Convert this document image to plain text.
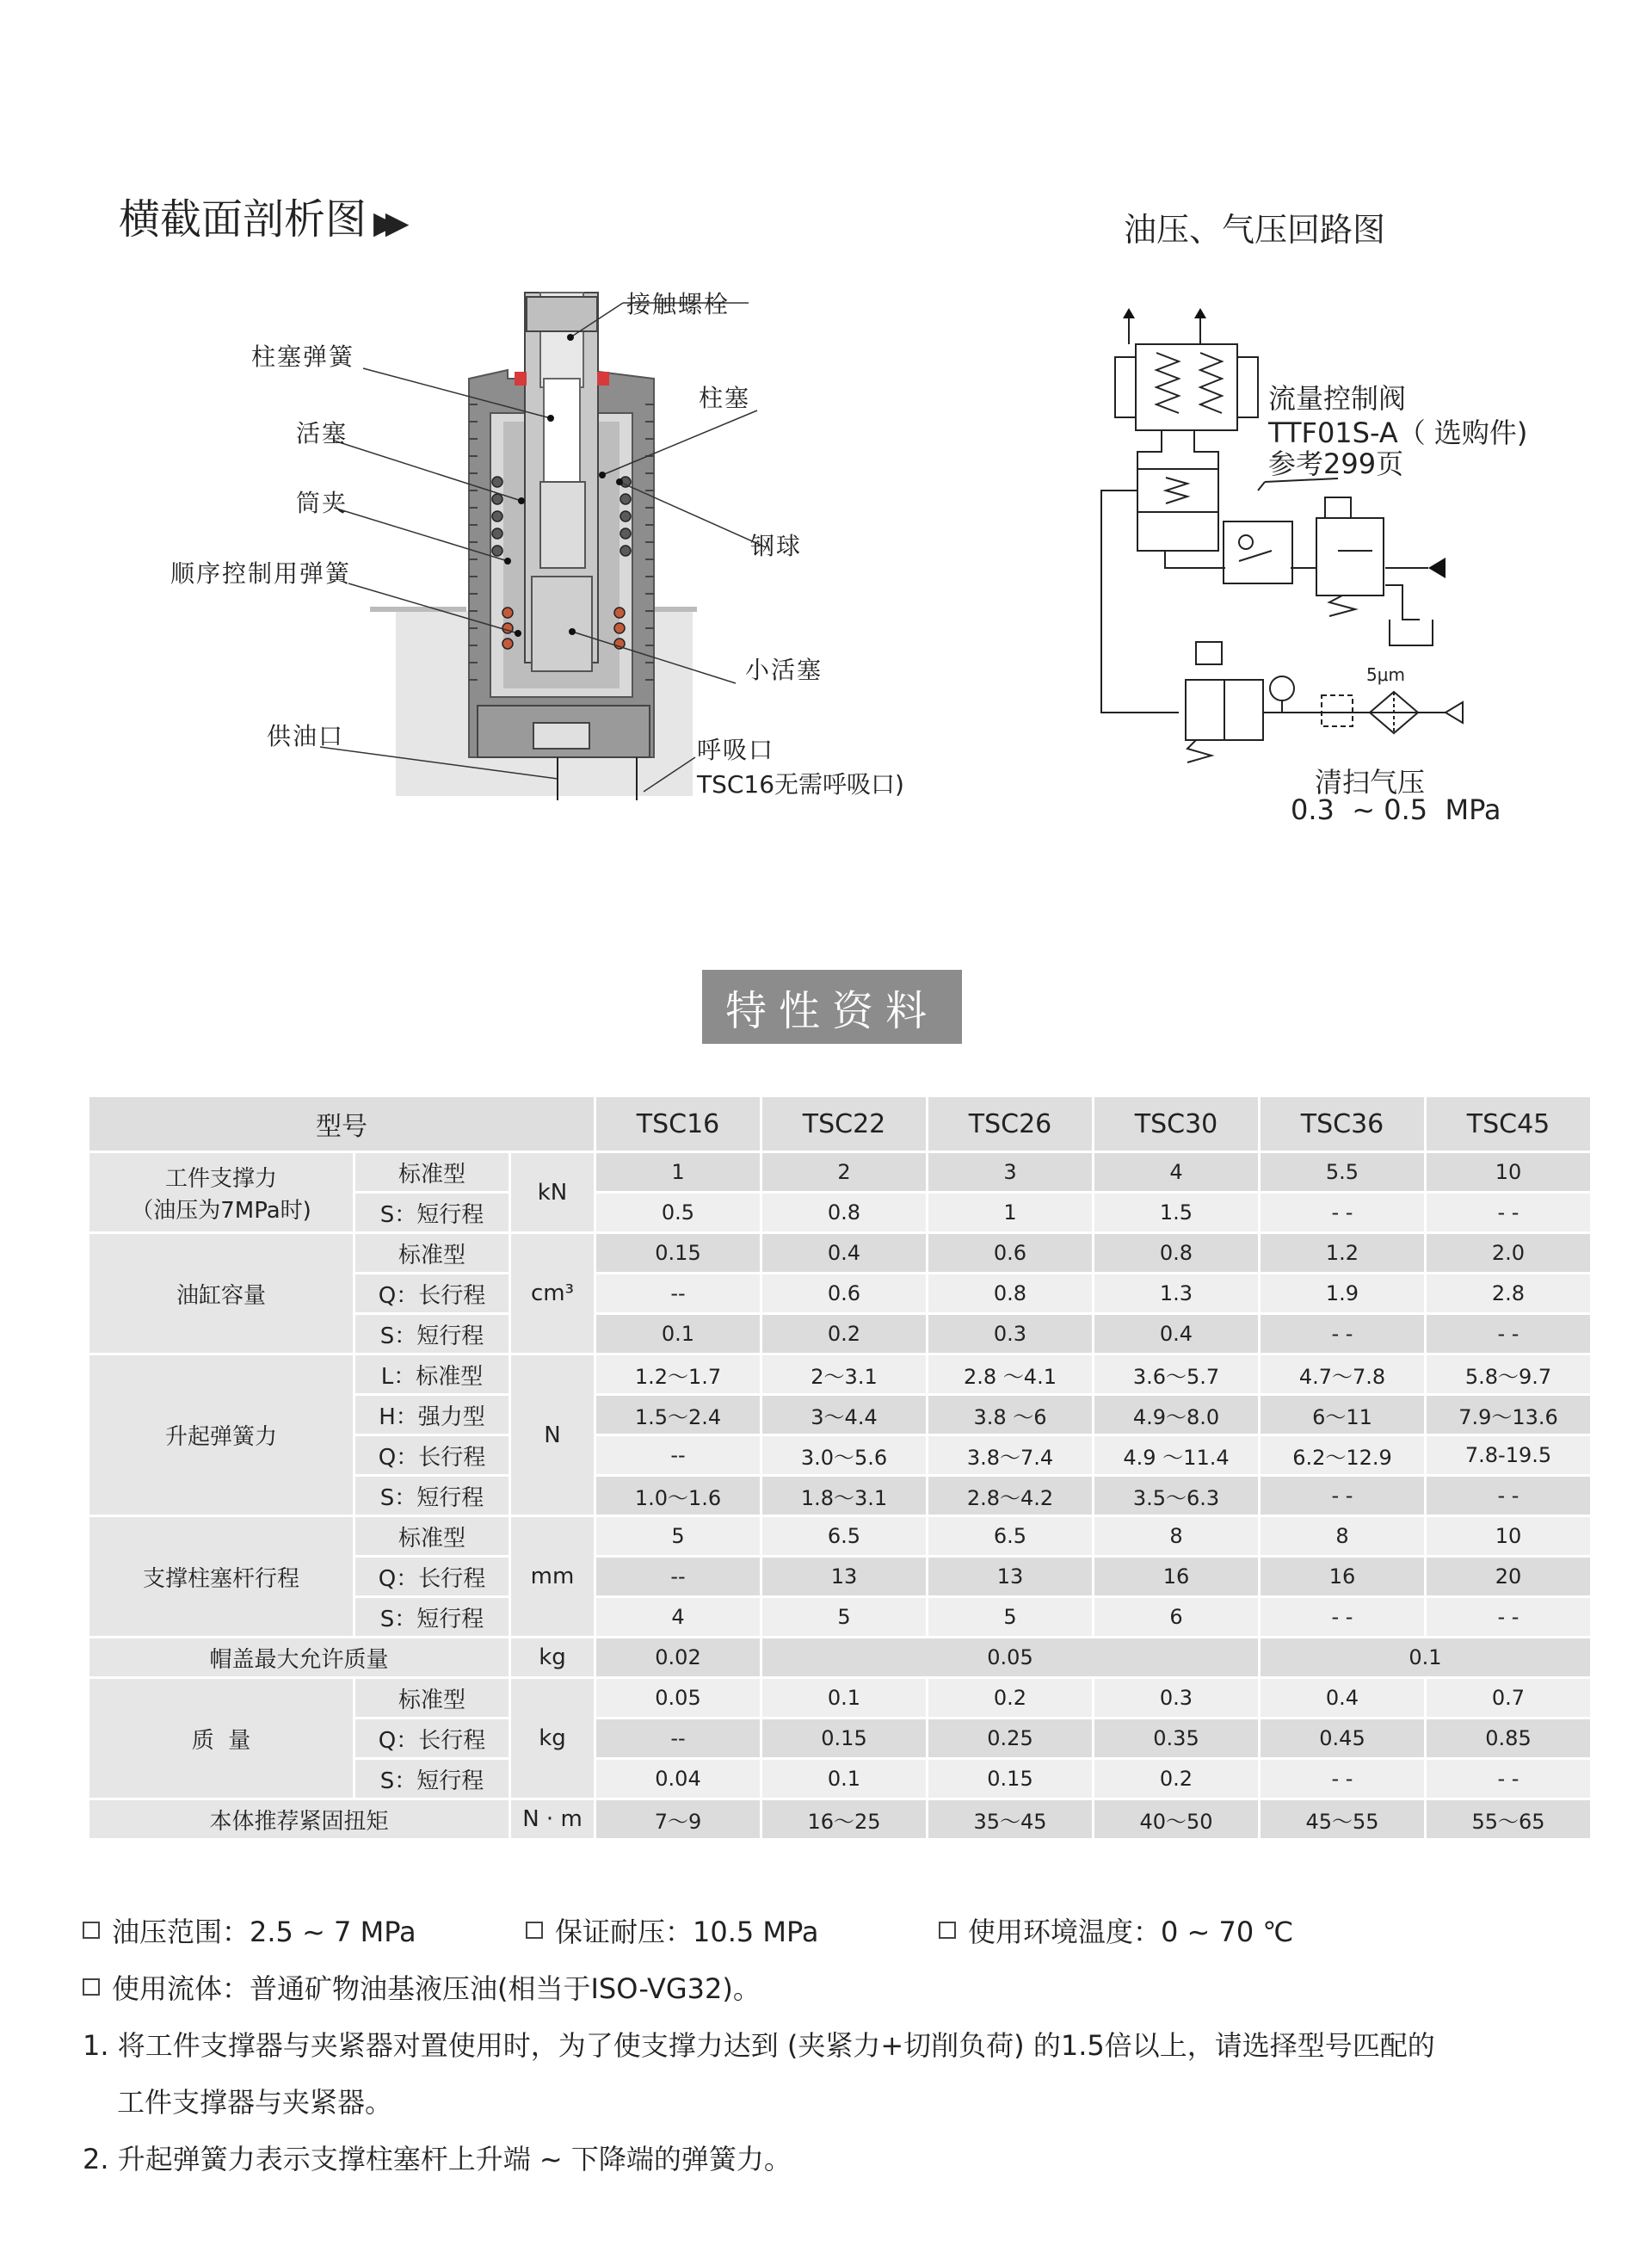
横截面剖析图 ▶▶
接触螺栓
柱塞弹簧
柱塞
活塞
筒夹
钢球
顺序控制用弹簧
小活塞
供油口	呼吸口
TSC16无需呼吸口)
油压、气压回路图
流量控制阀
TTF01S-A（ 选购件)
参考299页
5μm
清扫气压
0.3  ~ 0.5  MPa
特性资料
型号			TSC16	TSC22	TSC26	TSC30	TSC36	TSC45

工件支撑力
（油压为7MPa时)	标准型	kN	1	2	3	4	5.5	10
	S：短行程		0.5	0.8	1	1.5	- -	- -
油缸容量	标准型	cm³	0.15	0.4	0.6	0.8	1.2	2.0
	Q：长行程		--	0.6	0.8	1.3	1.9	2.8
	S：短行程		0.1	0.2	0.3	0.4	- -	- -
升起弹簧力	L：标准型	N	1.2～1.7	2～3.1	2.8 ～4.1	3.6～5.7	4.7～7.8	5.8～9.7
	H：强力型		1.5～2.4	3～4.4	3.8 ～6	4.9～8.0	6～11	7.9～13.6
	Q：长行程		--	3.0～5.6	3.8～7.4	4.9 ～11.4	6.2～12.9	7.8-19.5
	S：短行程		1.0～1.6	1.8～3.1	2.8～4.2	3.5～6.3	- -	- -
支撑柱塞杆行程	标准型	mm	5	6.5	6.5	8	8	10
	Q：长行程		--	13	13	16	16	20
	S：短行程		4	5	5	6	- -	- -
帽盖最大允许质量		kg	0.02	0.05			0.1	
质  量	标准型	kg	0.05	0.1	0.2	0.3	0.4	0.7
	Q：长行程		--	0.15	0.25	0.35	0.45	0.85
	S：短行程		0.04	0.1	0.15	0.2	- -	- -
本体推荐紧固扭矩		N · m	7～9	16～25	35～45	40～50	45～55	55～65
油压范围：2.5 ~ 7 MPa	保证耐压：10.5 MPa	使用环境温度：0 ~ 70 ℃
使用流体：普通矿物油基液压油(相当于ISO-VG32)。
1. 将工件支撑器与夹紧器对置使用时，为了使支撑力达到 (夹紧力+切削负荷) 的1.5倍以上，请选择型号匹配的
工件支撑器与夹紧器。
2. 升起弹簧力表示支撑柱塞杆上升端 ~ 下降端的弹簧力。
